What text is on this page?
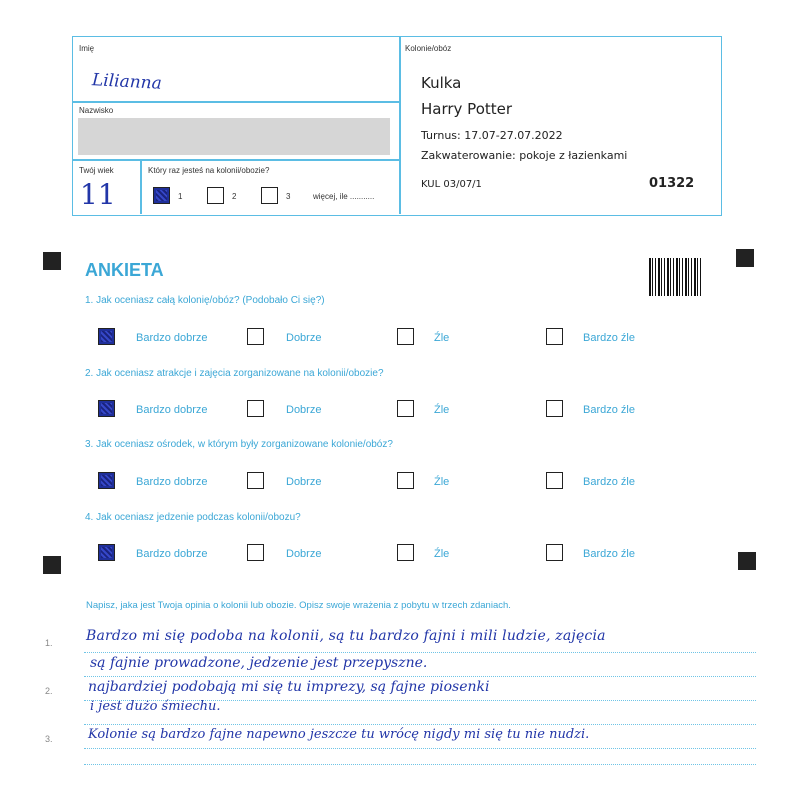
Imię
Lilianna
Nazwisko
Twój wiek
11
Który raz jesteś na kolonii/obozie?
1	2	3	więcej, ile ...........
Kolonie/obóz
Kulka
Harry Potter
Turnus: 17.07-27.07.2022
Zakwaterowanie: pokoje z łazienkami
KUL 03/07/1	01322
ANKIETA
1. Jak oceniasz całą kolonię/obóz? (Podobało Ci się?)
Bardzo dobrze	Dobrze	Źle	Bardzo źle
2. Jak oceniasz atrakcje i zajęcia zorganizowane na kolonii/obozie?
Bardzo dobrze	Dobrze	Źle	Bardzo źle
3. Jak oceniasz ośrodek, w którym były zorganizowane kolonie/obóz?
Bardzo dobrze	Dobrze	Źle	Bardzo źle
4. Jak oceniasz jedzenie podczas kolonii/obozu?
Bardzo dobrze	Dobrze	Źle	Bardzo źle
Napisz, jaka jest Twoja opinia o kolonii lub obozie. Opisz swoje wrażenia z pobytu w trzech zdaniach.
1.
2.
3.
Bardzo mi się podoba na kolonii, są tu bardzo fajni i mili ludzie, zajęcia
są fajnie prowadzone, jedzenie jest przepyszne.
najbardziej podobają mi się tu imprezy, są fajne piosenki
i jest dużo śmiechu.
Kolonie są bardzo fajne napewno jeszcze tu wrócę nigdy mi się tu nie nudzi.
